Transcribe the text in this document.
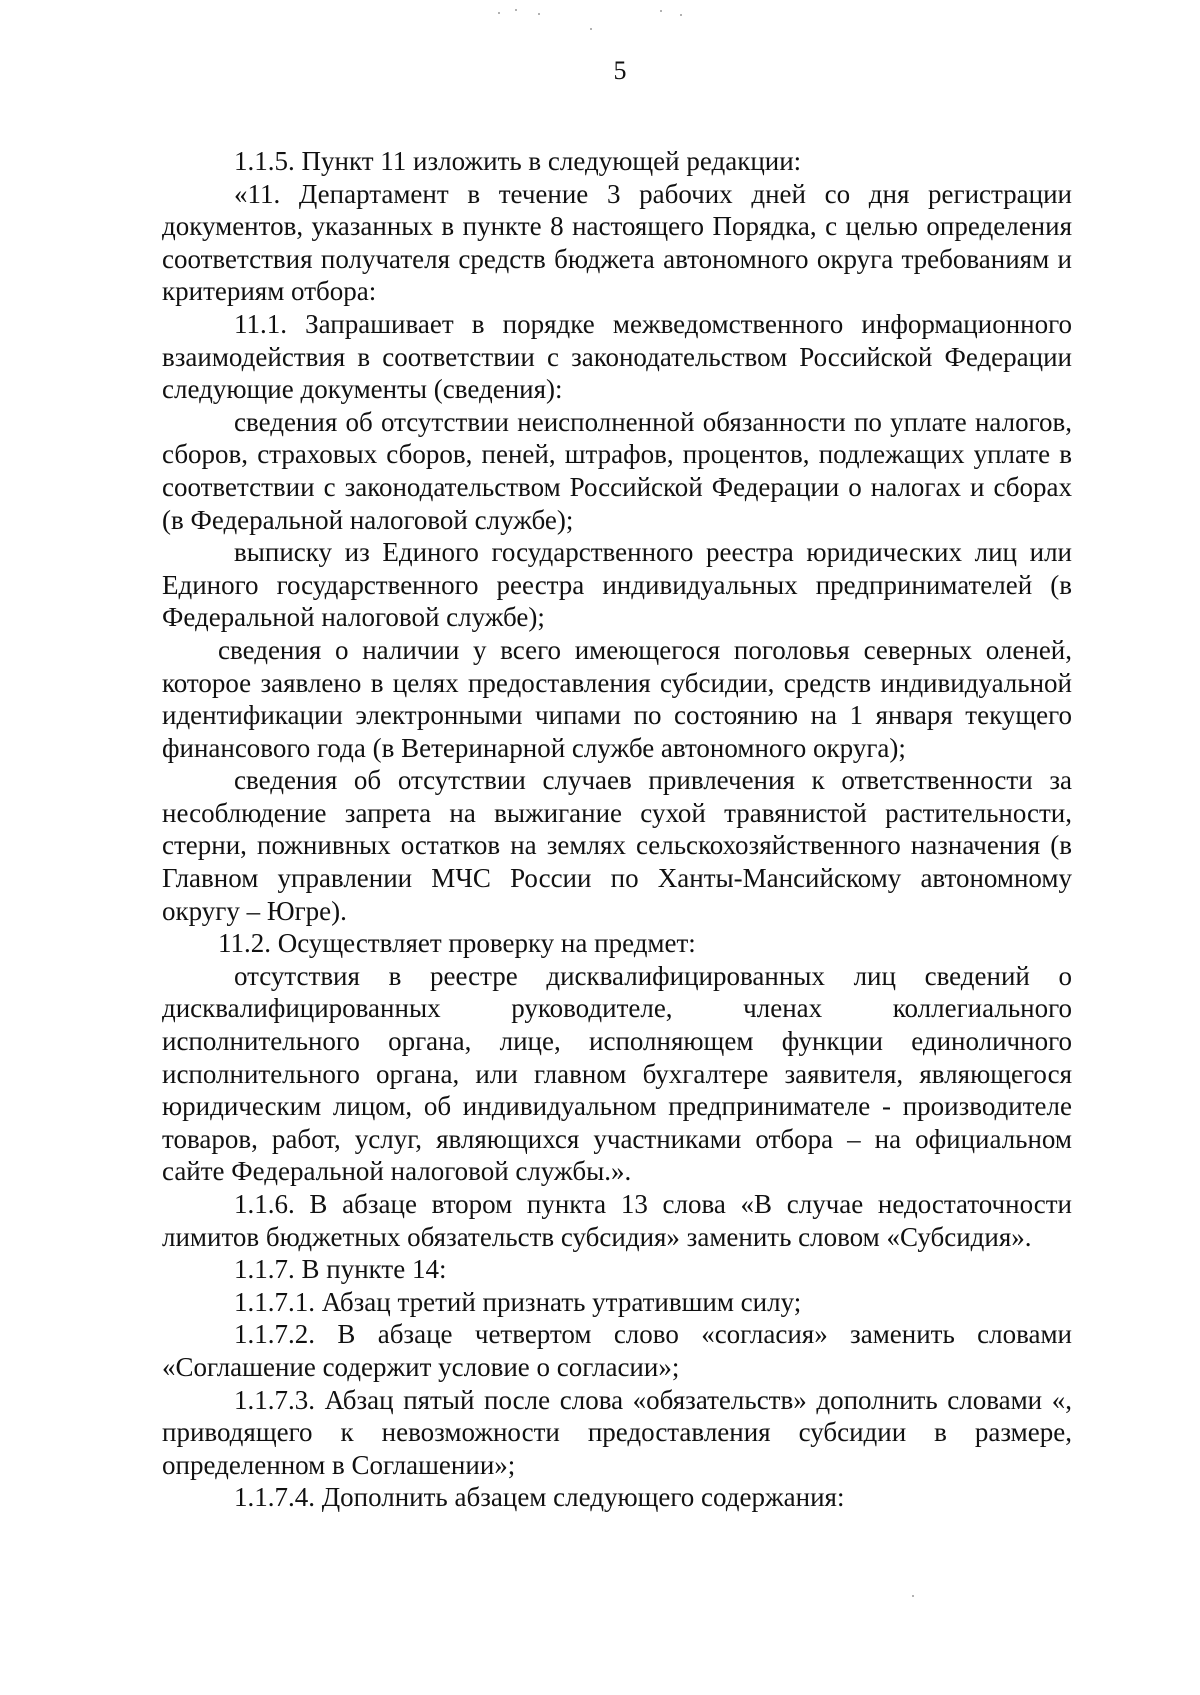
5

1.1.5. Пункт 11 изложить в следующей редакции:

«11. Департамент в течение 3 рабочих дней со дня регистрации документов, указанных в пункте 8 настоящего Порядка, с целью определения соответствия получателя средств бюджета автономного округа требованиям и критериям отбора:

11.1. Запрашивает в порядке межведомственного информационного взаимодействия в соответствии с законодательством Российской Федерации следующие документы (сведения):

сведения об отсутствии неисполненной обязанности по уплате налогов, сборов, страховых сборов, пеней, штрафов, процентов, подлежащих уплате в соответствии с законодательством Российской Федерации о налогах и сборах (в Федеральной налоговой службе);

выписку из Единого государственного реестра юридических лиц или Единого государственного реестра индивидуальных предпринимателей (в Федеральной налоговой службе);

сведения о наличии у всего имеющегося поголовья северных оленей, которое заявлено в целях предоставления субсидии, средств индивидуальной идентификации электронными чипами по состоянию на 1 января текущего финансового года (в Ветеринарной службе автономного округа);

сведения об отсутствии случаев привлечения к ответственности за несоблюдение запрета на выжигание сухой травянистой растительности, стерни, пожнивных остатков на землях сельскохозяйственного назначения (в Главном управлении МЧС России по Ханты-Мансийскому автономному округу – Югре).

11.2. Осуществляет проверку на предмет:

отсутствия в реестре дисквалифицированных лиц сведений о дисквалифицированных руководителе, членах коллегиального исполнительного органа, лице, исполняющем функции единоличного исполнительного органа, или главном бухгалтере заявителя, являющегося юридическим лицом, об индивидуальном предпринимателе - производителе товаров, работ, услуг, являющихся участниками отбора – на официальном сайте Федеральной налоговой службы.».

1.1.6. В абзаце втором пункта 13 слова «В случае недостаточности лимитов бюджетных обязательств субсидия» заменить словом «Субсидия».

1.1.7. В пункте 14:

1.1.7.1. Абзац третий признать утратившим силу;

1.1.7.2. В абзаце четвертом слово «согласия» заменить словами «Соглашение содержит условие о согласии»;

1.1.7.3. Абзац пятый после слова «обязательств» дополнить словами «, приводящего к невозможности предоставления субсидии в размере, определенном в Соглашении»;

1.1.7.4. Дополнить абзацем следующего содержания:
